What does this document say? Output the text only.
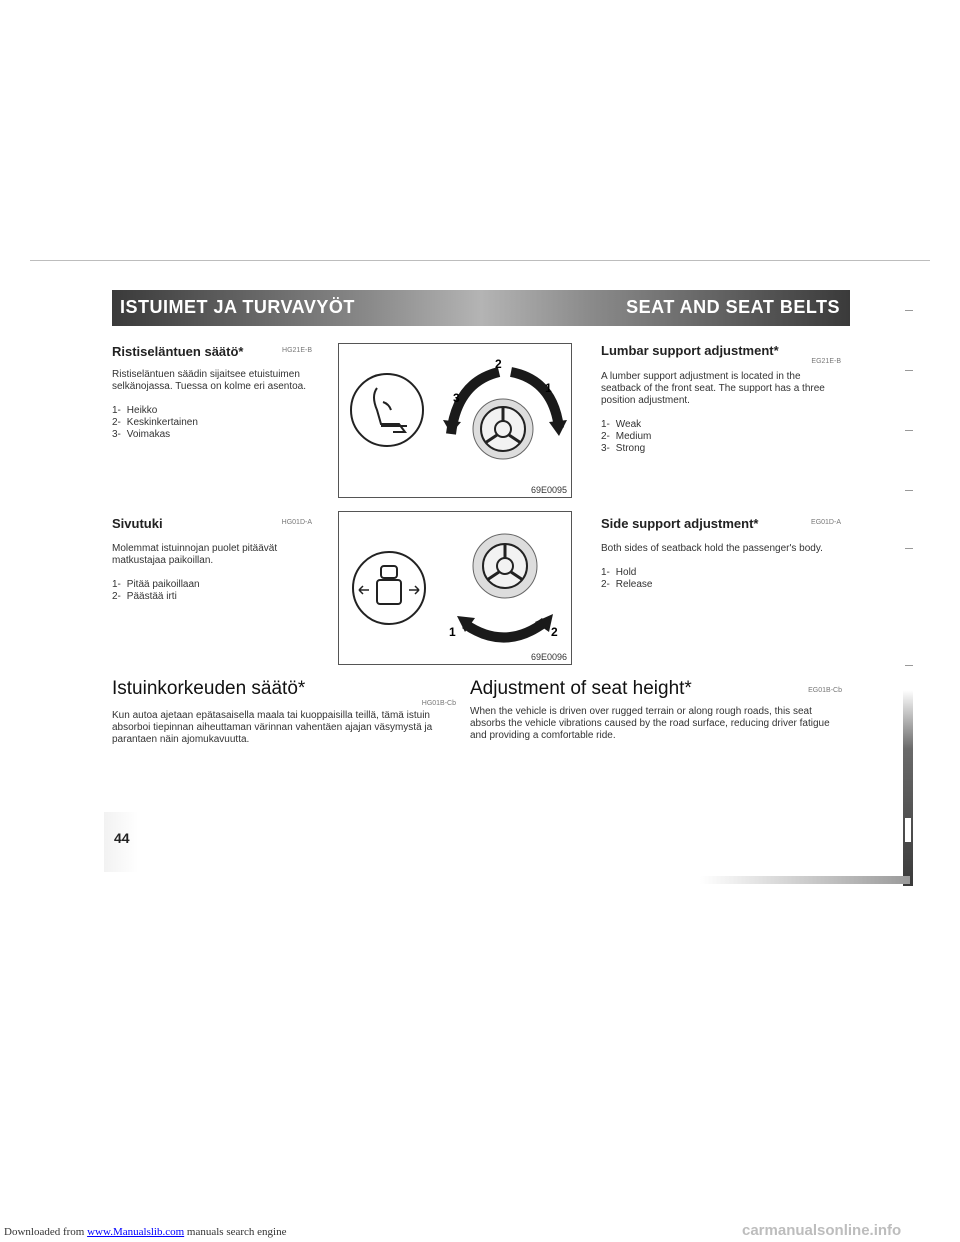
ISTUIMET JA TURVAVYÖT	SEAT AND SEAT BELTS
Ristiseläntuen säätö*	HG21E-B

Ristiseläntuen säädin sijaitsee etuistuimen selkänojassa. Tuessa on kolme eri asentoa.

1- Heikko
2- Keskinkertainen
3- Voimakas
Sivutuki	HG01D-A

Molemmat istuinnojan puolet pitäävät matkustajaa paikoillan.

1- Pitää paikoillaan
2- Päästää irti
2
1
3
69E0095
1	2
69E0096
Lumbar support adjustment*
EG21E-B

A lumber support adjustment is located in the seatback of the front seat. The support has a three position adjustment.

1- Weak
2- Medium
3- Strong
Side support adjustment*	EG01D-A

Both sides of seatback hold the passenger's body.

1- Hold
2- Release
Istuinkorkeuden säätö*
HG01B-Cb

Kun autoa ajetaan epätasaisella maala tai kuoppaisilla teillä, tämä istuin absorboi tiepinnan aiheuttaman värinnan vahentäen ajajan väsymystä ja parantaen näin ajomukavuutta.

Adjustment of seat height*	EG01B-Cb

When the vehicle is driven over rugged terrain or along rough roads, this seat absorbs the vehicle vibrations caused by the road surface, reducing driver fatigue and providing a comfortable ride.

44
Downloaded from www.Manualslib.com manuals search engine	carmanualsonline.info
